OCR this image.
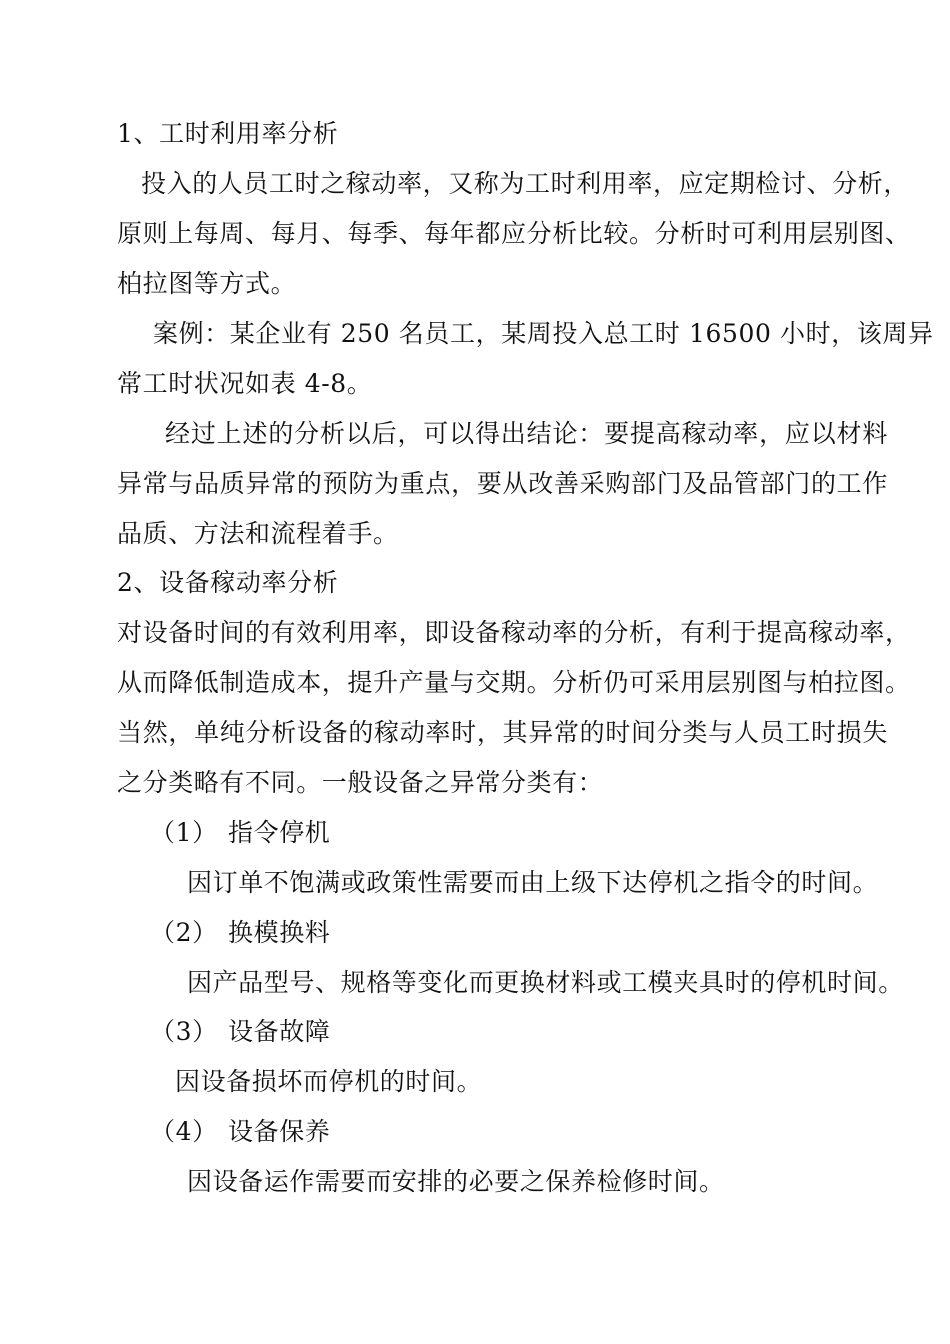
1、工时利用率分析
投入的人员工时之稼动率，又称为工时利用率，应定期检讨、分析，
原则上每周、每月、每季、每年都应分析比较。分析时可利用层别图、
柏拉图等方式。
案例：某企业有 250 名员工，某周投入总工时 16500 小时，该周异
常工时状况如表 4-8。
经过上述的分析以后，可以得出结论：要提高稼动率，应以材料
异常与品质异常的预防为重点，要从改善采购部门及品管部门的工作
品质、方法和流程着手。
2、设备稼动率分析
对设备时间的有效利用率，即设备稼动率的分析，有利于提高稼动率，
从而降低制造成本，提升产量与交期。分析仍可采用层别图与柏拉图。
当然，单纯分析设备的稼动率时，其异常的时间分类与人员工时损失
之分类略有不同。一般设备之异常分类有：
（1） 指令停机
因订单不饱满或政策性需要而由上级下达停机之指令的时间。
（2） 换模换料
因产品型号、规格等变化而更换材料或工模夹具时的停机时间。
（3） 设备故障
因设备损坏而停机的时间。
（4） 设备保养
因设备运作需要而安排的必要之保养检修时间。
